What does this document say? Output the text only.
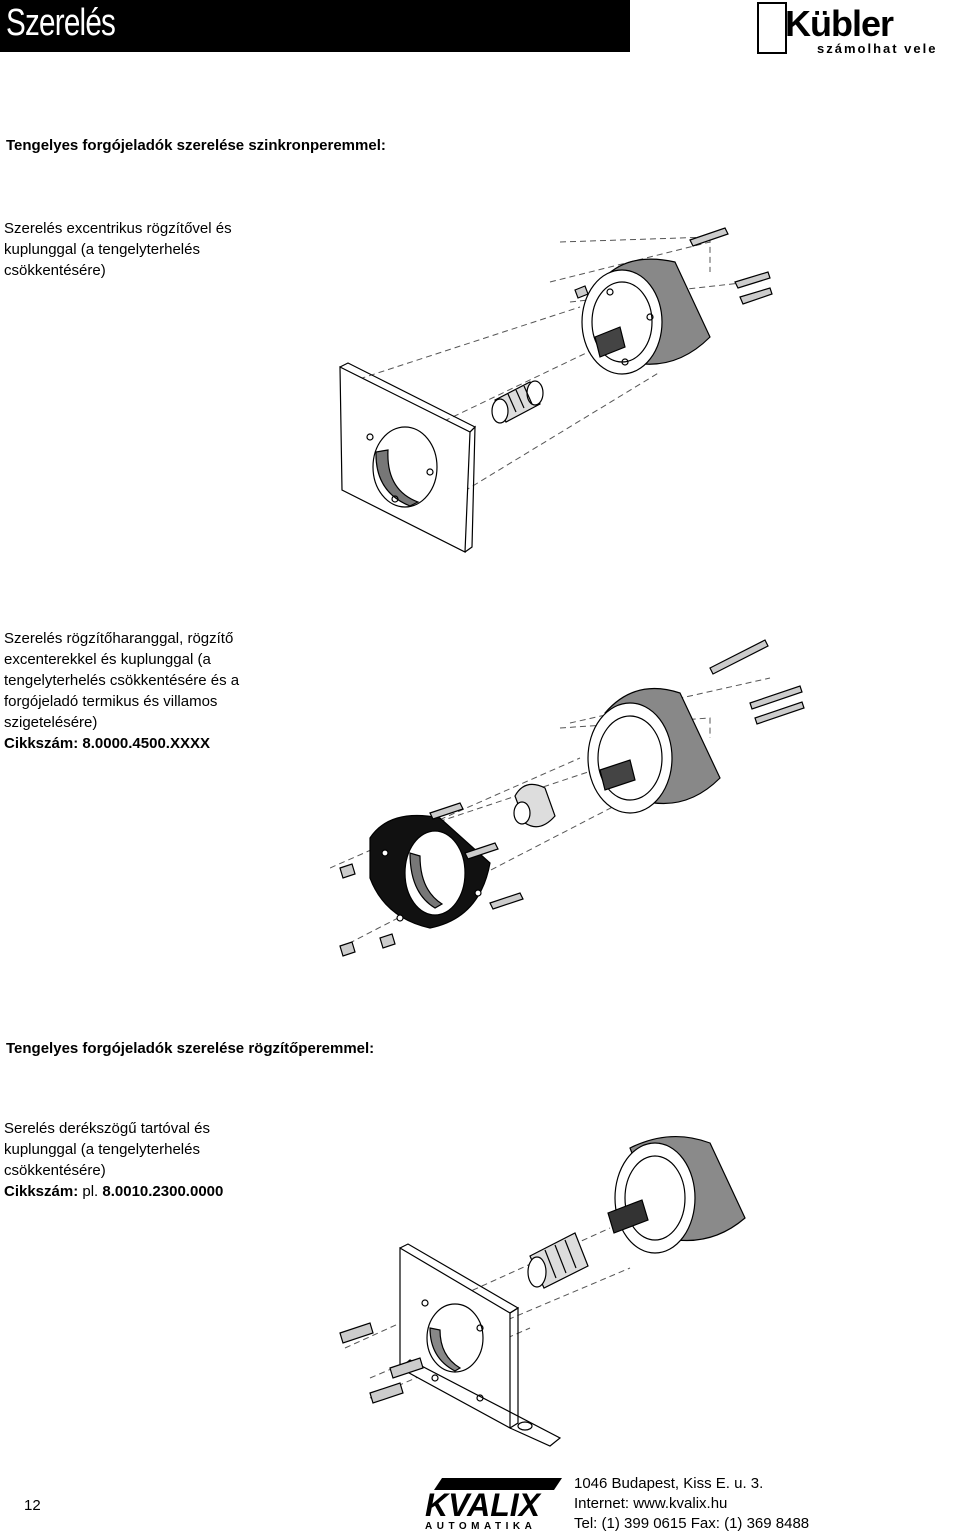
Szerelés	Kübler
számolhat vele
Tengelyes forgójeladók szerelése szinkronperemmel:
Szerelés excentrikus rögzítővel és
kuplunggal (a tengelyterhelés
csökkentésére)
Szerelés rögzítőharanggal, rögzítő
excenterekkel és kuplunggal (a
tengelyterhelés csökkentésére és a
forgójeladó termikus és villamos
szigetelésére)
Cikkszám: 8.0000.4500.XXXX
Tengelyes forgójeladók szerelése rögzítőperemmel:
Serelés derékszögű tartóval és
kuplunggal (a tengelyterhelés
csökkentésére)
Cikkszám: pl. 8.0010.2300.0000
12	KVALIX
AUTOMATIKA
1046 Budapest, Kiss E. u. 3.
Internet: www.kvalix.hu
Tel: (1) 399 0615 Fax: (1) 369 8488
